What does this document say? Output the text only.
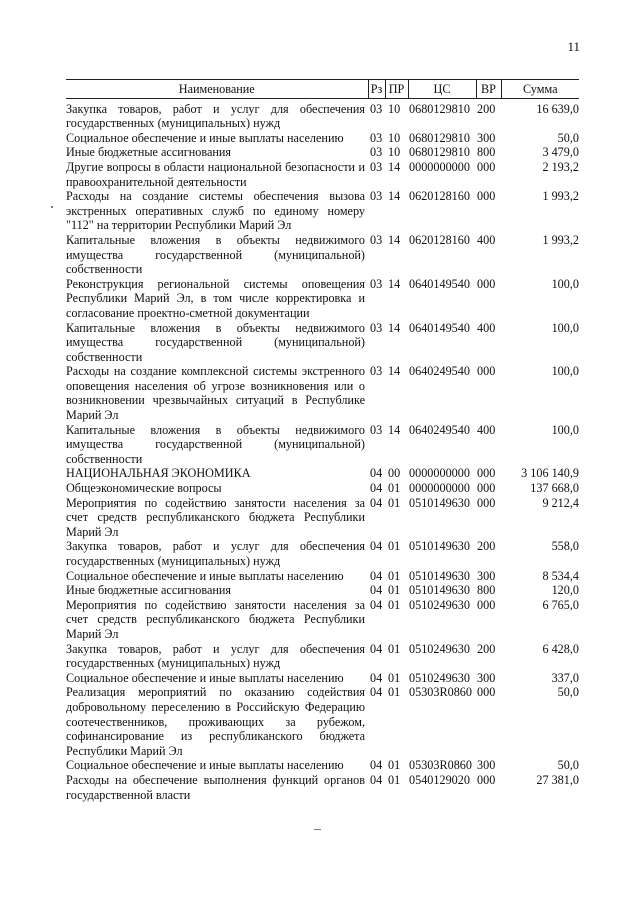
11
Наименование	Рз	ПР	ЦС	ВР	Сумма
Закупка товаров, работ и услуг для обеспечения государственных (муниципальных) нужд	03	10	0680129810	200	16 639,0
Социальное обеспечение и иные выплаты населению	03	10	0680129810	300	50,0
Иные бюджетные ассигнования	03	10	0680129810	800	3 479,0
Другие вопросы в области национальной безопасности и правоохранительной деятельности	03	14	0000000000	000	2 193,2
Расходы на создание системы обеспечения вызова экстренных оперативных служб по единому номеру "112" на территории Республики Марий Эл	03	14	0620128160	000	1 993,2
Капитальные вложения в объекты недвижимого имущества государственной (муниципальной) собственности	03	14	0620128160	400	1 993,2
Реконструкция региональной системы оповещения Республики Марий Эл, в том числе корректировка и согласование проектно-сметной документации	03	14	0640149540	000	100,0
Капитальные вложения в объекты недвижимого имущества государственной (муниципальной) собственности	03	14	0640149540	400	100,0
Расходы на создание комплексной системы экстренного оповещения населения об угрозе возникновения или о возникновении чрезвычайных ситуаций в Республике Марий Эл	03	14	0640249540	000	100,0
Капитальные вложения в объекты недвижимого имущества государственной (муниципальной) собственности	03	14	0640249540	400	100,0
НАЦИОНАЛЬНАЯ ЭКОНОМИКА	04	00	0000000000	000	3 106 140,9
Общеэкономические вопросы	04	01	0000000000	000	137 668,0
Мероприятия по содействию занятости населения за счет средств республиканского бюджета Республики Марий Эл	04	01	0510149630	000	9 212,4
Закупка товаров, работ и услуг для обеспечения государственных (муниципальных) нужд	04	01	0510149630	200	558,0
Социальное обеспечение и иные выплаты населению	04	01	0510149630	300	8 534,4
Иные бюджетные ассигнования	04	01	0510149630	800	120,0
Мероприятия по содействию занятости населения за счет средств республиканского бюджета Республики Марий Эл	04	01	0510249630	000	6 765,0
Закупка товаров, работ и услуг для обеспечения государственных (муниципальных) нужд	04	01	0510249630	200	6 428,0
Социальное обеспечение и иные выплаты населению	04	01	0510249630	300	337,0
Реализация мероприятий по оказанию содействия добровольному переселению в Российскую Федерацию соотечественников, проживающих за рубежом, софинансирование из республиканского бюджета Республики Марий Эл	04	01	05303R0860	000	50,0
Социальное обеспечение и иные выплаты населению	04	01	05303R0860	300	50,0
Расходы на обеспечение выполнения функций органов государственной власти	04	01	0540129020	000	27 381,0
